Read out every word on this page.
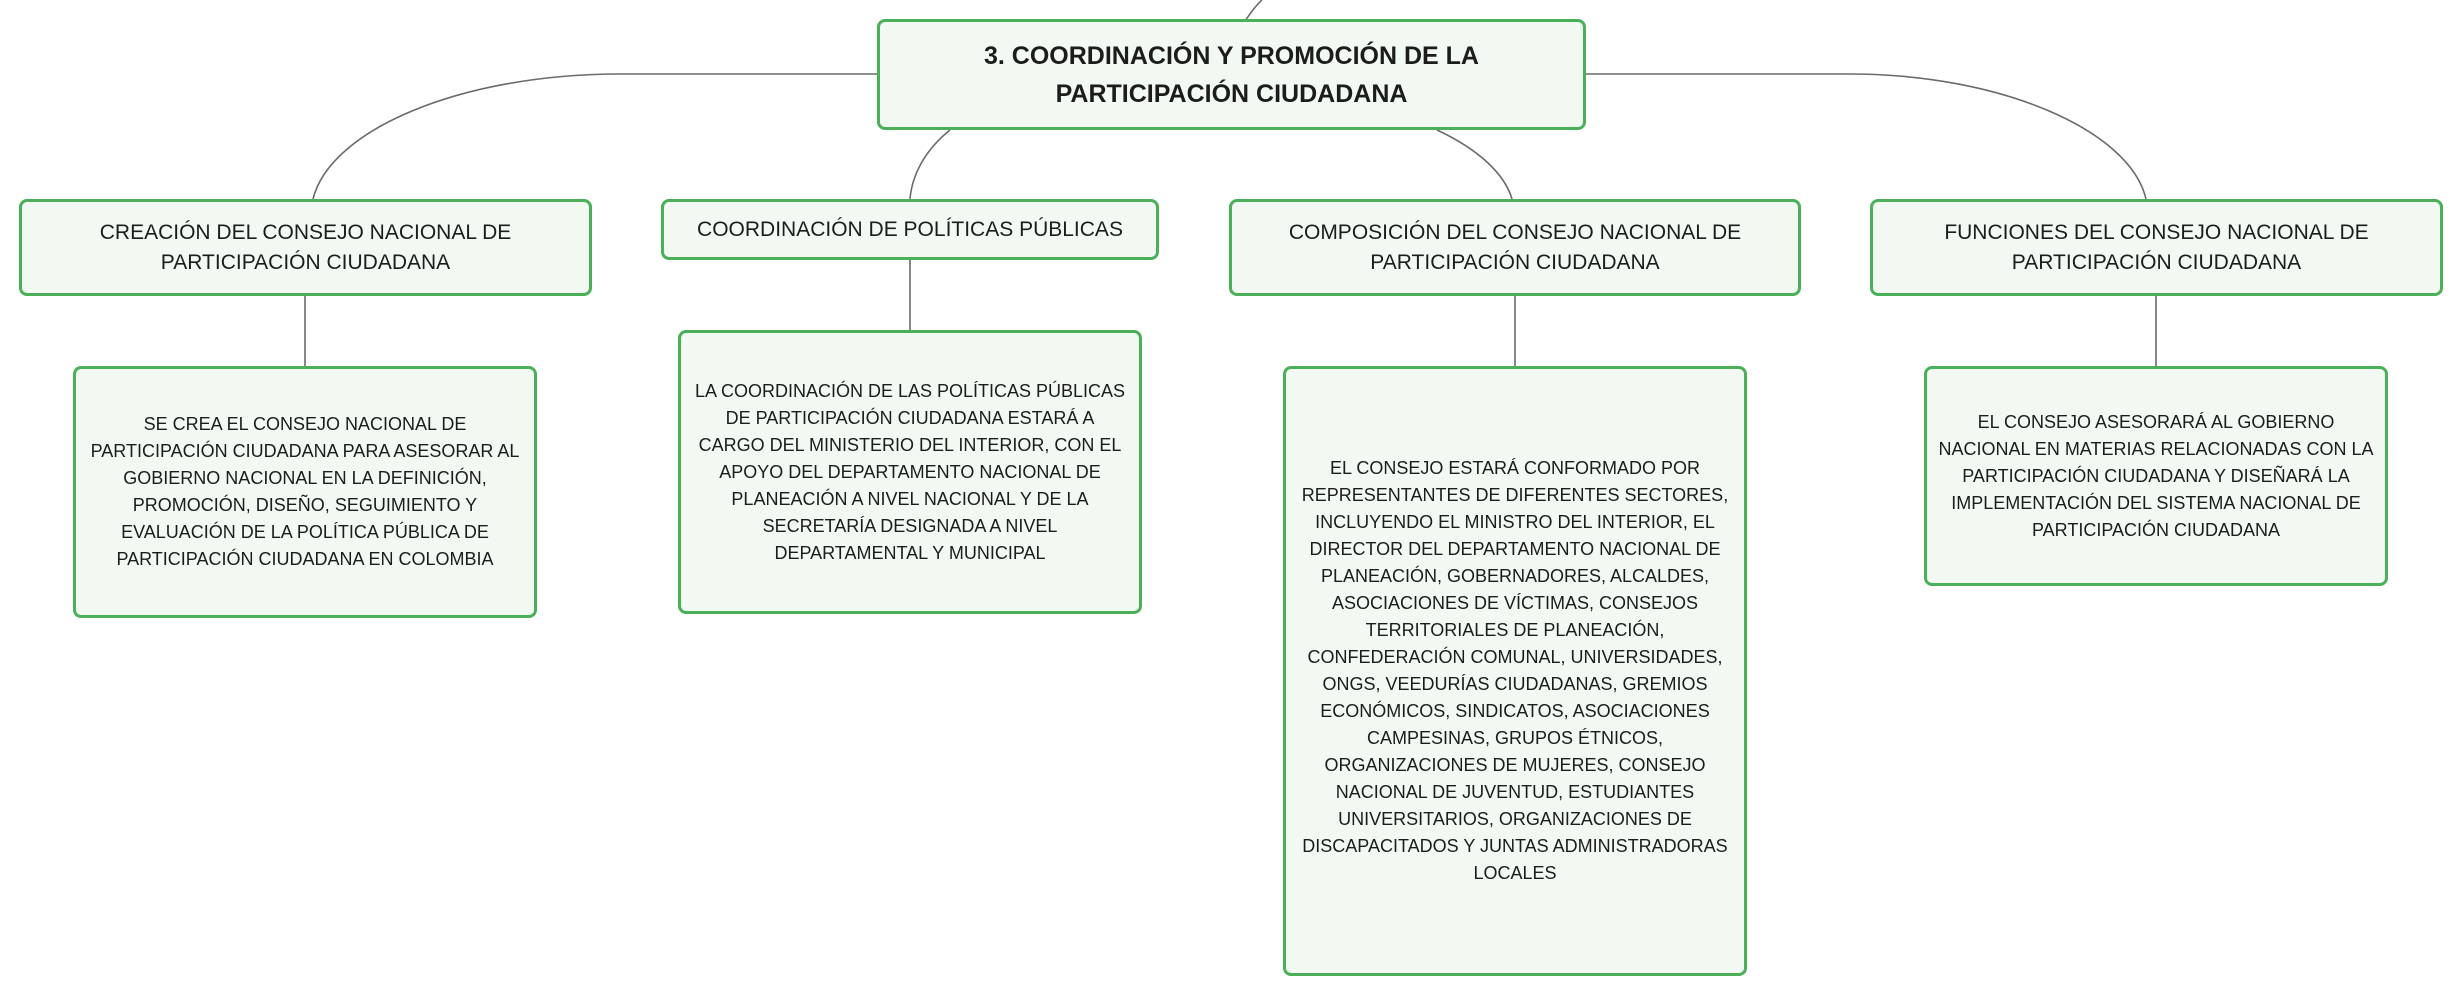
3. COORDINACIÓN Y PROMOCIÓN DE LA PARTICIPACIÓN CIUDADANA
CREACIÓN DEL CONSEJO NACIONAL DE PARTICIPACIÓN CIUDADANA
COORDINACIÓN DE POLÍTICAS PÚBLICAS	COMPOSICIÓN DEL CONSEJO NACIONAL DE PARTICIPACIÓN CIUDADANA
FUNCIONES DEL CONSEJO NACIONAL DE PARTICIPACIÓN CIUDADANA
SE CREA EL CONSEJO NACIONAL DE PARTICIPACIÓN CIUDADANA PARA ASESORAR AL GOBIERNO NACIONAL EN LA DEFINICIÓN, PROMOCIÓN, DISEÑO, SEGUIMIENTO Y EVALUACIÓN DE LA POLÍTICA PÚBLICA DE PARTICIPACIÓN CIUDADANA EN COLOMBIA
LA COORDINACIÓN DE LAS POLÍTICAS PÚBLICAS DE PARTICIPACIÓN CIUDADANA ESTARÁ A CARGO DEL MINISTERIO DEL INTERIOR, CON EL APOYO DEL DEPARTAMENTO NACIONAL DE PLANEACIÓN A NIVEL NACIONAL Y DE LA SECRETARÍA DESIGNADA A NIVEL DEPARTAMENTAL Y MUNICIPAL
EL CONSEJO ESTARÁ CONFORMADO POR REPRESENTANTES DE DIFERENTES SECTORES, INCLUYENDO EL MINISTRO DEL INTERIOR, EL DIRECTOR DEL DEPARTAMENTO NACIONAL DE PLANEACIÓN, GOBERNADORES, ALCALDES, ASOCIACIONES DE VÍCTIMAS, CONSEJOS TERRITORIALES DE PLANEACIÓN, CONFEDERACIÓN COMUNAL, UNIVERSIDADES, ONGS, VEEDURÍAS CIUDADANAS, GREMIOS ECONÓMICOS, SINDICATOS, ASOCIACIONES CAMPESINAS, GRUPOS ÉTNICOS, ORGANIZACIONES DE MUJERES, CONSEJO NACIONAL DE JUVENTUD, ESTUDIANTES UNIVERSITARIOS, ORGANIZACIONES DE DISCAPACITADOS Y JUNTAS ADMINISTRADORAS LOCALES
EL CONSEJO ASESORARÁ AL GOBIERNO NACIONAL EN MATERIAS RELACIONADAS CON LA PARTICIPACIÓN CIUDADANA Y DISEÑARÁ LA IMPLEMENTACIÓN DEL SISTEMA NACIONAL DE PARTICIPACIÓN CIUDADANA
